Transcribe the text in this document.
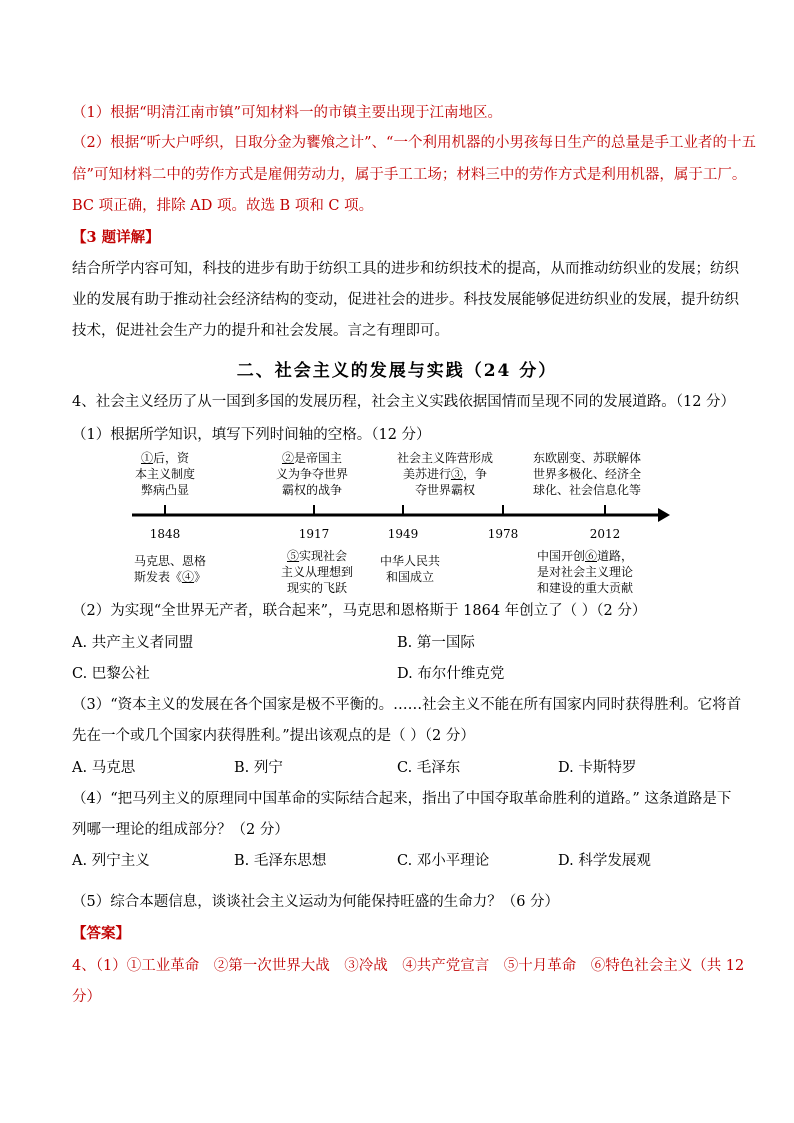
（1）根据“明清江南市镇”可知材料一的市镇主要出现于江南地区。
（2）根据“听大户呼织，日取分金为饔飧之计”、“一个利用机器的小男孩每日生产的总量是手工业者的十五
倍”可知材料二中的劳作方式是雇佣劳动力，属于手工工场；材料三中的劳作方式是利用机器，属于工厂。
BC 项正确，排除 AD 项。故选 B 项和 C 项。
【3 题详解】
结合所学内容可知，科技的进步有助于纺织工具的进步和纺织技术的提高，从而推动纺织业的发展；纺织
业的发展有助于推动社会经济结构的变动，促进社会的进步。科技发展能够促进纺织业的发展，提升纺织
技术，促进社会生产力的提升和社会发展。言之有理即可。
二、社会主义的发展与实践（24 分）
4、社会主义经历了从一国到多国的发展历程，社会主义实践依据国情而呈现不同的发展道路。（12 分）
（1）根据所学知识，填写下列时间轴的空格。（12 分）
①后，资
本主义制度
弊病凸显
②是帝国主
义为争夺世界
霸权的战争
社会主义阵营形成
美苏进行③，争
夺世界霸权
东欧剧变、苏联解体
世界多极化、经济全
球化、社会信息化等
1848	1917	1949	1978	2012
马克思、恩格
斯发表《④》
⑤实现社会
主义从理想到
现实的飞跃
中华人民共
和国成立
中国开创⑥道路，
是对社会主义理论
和建设的重大贡献
（2）为实现“全世界无产者，联合起来”，马克思和恩格斯于 1864 年创立了（ ）（2 分）
A. 共产主义者同盟	B. 第一国际
C. 巴黎公社	D. 布尔什维克党
（3）“资本主义的发展在各个国家是极不平衡的。……社会主义不能在所有国家内同时获得胜利。它将首
先在一个或几个国家内获得胜利。”提出该观点的是（ ）（2 分）
A. 马克思	B. 列宁	C. 毛泽东	D. 卡斯特罗
（4）“把马列主义的原理同中国革命的实际结合起来，指出了中国夺取革命胜利的道路。” 这条道路是下
列哪一理论的组成部分？（2 分）
A. 列宁主义	B. 毛泽东思想	C. 邓小平理论	D. 科学发展观
（5）综合本题信息，谈谈社会主义运动为何能保持旺盛的生命力？（6 分）
【答案】
4、（1）①工业革命　②第一次世界大战　③冷战　④共产党宣言　⑤十月革命　⑥特色社会主义（共 12
分）
